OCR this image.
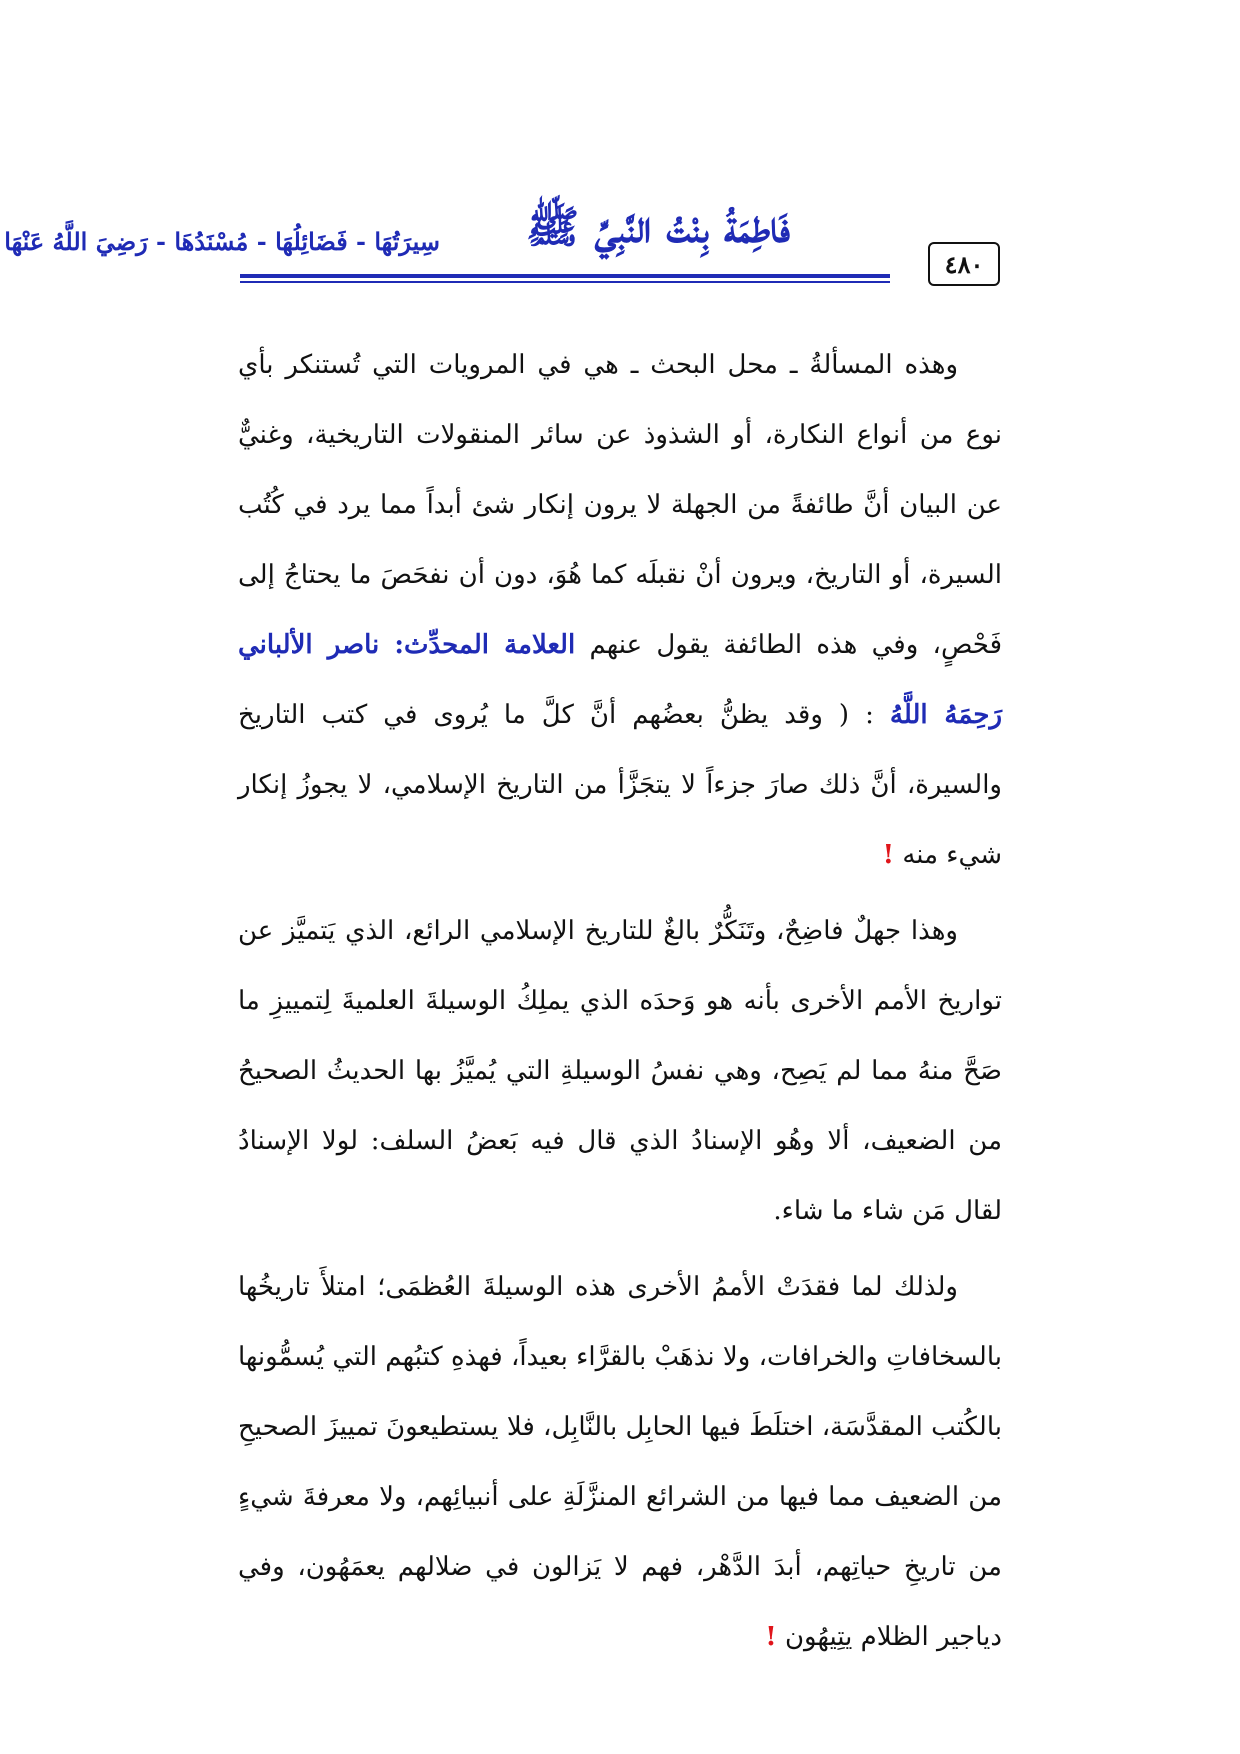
٤٨٠
فَاطِمَةُ بِنْتُ النَّبِيِّ ﷺ
سِيرَتُهَا - فَضَائِلُهَا - مُسْنَدُهَا - رَضِيَ اللَّهُ عَنْهَا

وهذه المسألةُ ـ محل البحث ـ هي في المرويات التي تُستنكر بأي نوع من أنواع النكارة، أو الشذوذ عن سائر المنقولات التاريخية، وغنيٌّ عن البيان أنَّ طائفةً من الجهلة لا يرون إنكار شئ أبداً مما يرد في كُتُب السيرة، أو التاريخ، ويرون أنْ نقبلَه كما هُوَ، دون أن نفحَصَ ما يحتاجُ إلى فَحْصٍ، وفي هذه الطائفة يقول عنهم العلامة المحدِّث: ناصر الألباني رَحِمَهُ اللَّهُ : ( وقد يظنُّ بعضُهم أنَّ كلَّ ما يُروى في كتب التاريخ والسيرة، أنَّ ذلك صارَ جزءاً لا يتجَزَّأ من التاريخ الإسلامي، لا يجوزُ إنكار شيء منه !

وهذا جهلٌ فاضِحٌ، وتَنَكُّرٌ بالغٌ للتاريخ الإسلامي الرائع، الذي يَتميَّز عن تواريخ الأمم الأخرى بأنه هو وَحدَه الذي يملِكُ الوسيلةَ العلميةَ لِتمييزِ ما صَحَّ منهُ مما لم يَصِح، وهي نفسُ الوسيلةِ التي يُميَّزُ بها الحديثُ الصحيحُ من الضعيف، ألا وهُو الإسنادُ الذي قال فيه بَعضُ السلف: لولا الإسنادُ لقال مَن شاء ما شاء.

ولذلك لما فقدَتْ الأممُ الأخرى هذه الوسيلةَ العُظمَى؛ امتلأَ تاريخُها بالسخافاتِ والخرافات، ولا نذهَبْ بالقرَّاء بعيداً، فهذهِ كتبُهم التي يُسمُّونها بالكُتب المقدَّسَة، اختلَطَ فيها الحابِل بالنَّابِل، فلا يستطيعونَ تمييزَ الصحيحِ من الضعيف مما فيها من الشرائع المنزَّلَةِ على أنبيائِهم، ولا معرفةَ شيءٍ من تاريخِ حياتِهم، أبدَ الدَّهْر، فهم لا يَزالون في ضلالهم يعمَهُون، وفي دياجير الظلام يتِيهُون !
